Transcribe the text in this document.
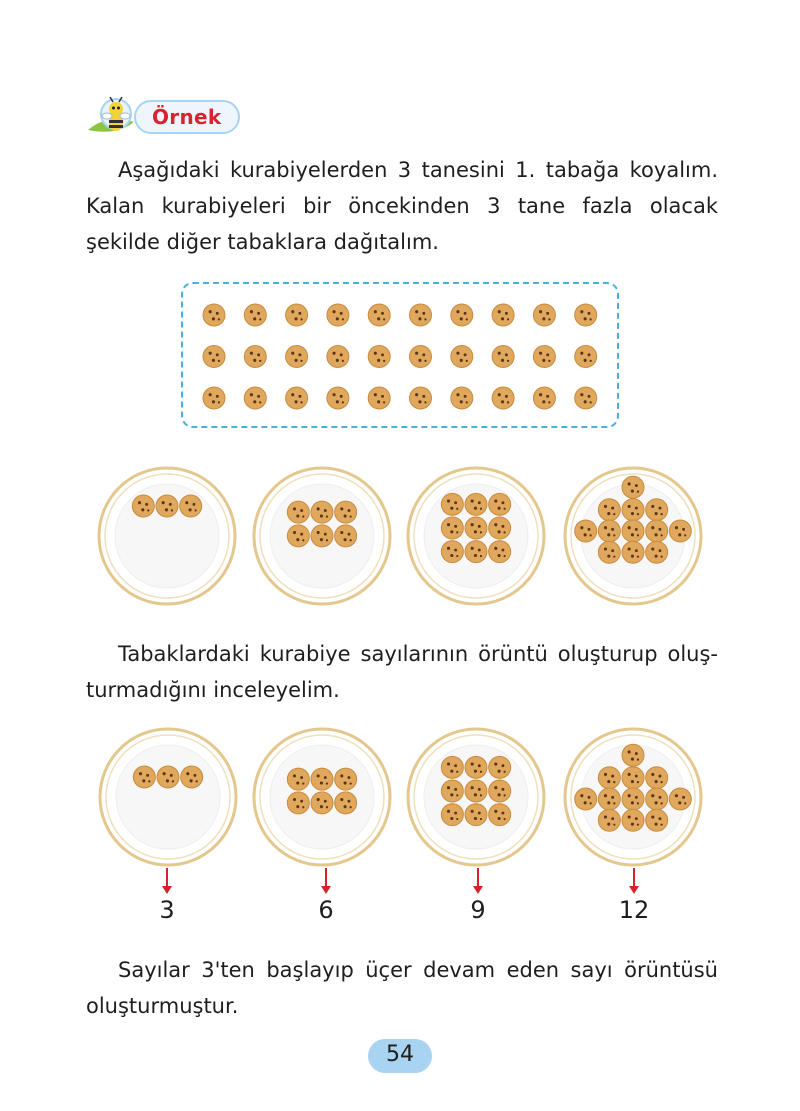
Örnek

Aşağıdaki kurabiyelerden 3 tanesini 1. tabağa koyalım. Kalan kurabiyeleri bir öncekinden 3 tane fazla olacak şekilde diğer tabaklara dağıtalım.

Tabaklardaki kurabiye sayılarının örüntü oluşturup oluş-turmadığını inceleyelim.

3	6	9	12

Sayılar 3'ten başlayıp üçer devam eden sayı örüntüsü oluşturmuştur.

54
